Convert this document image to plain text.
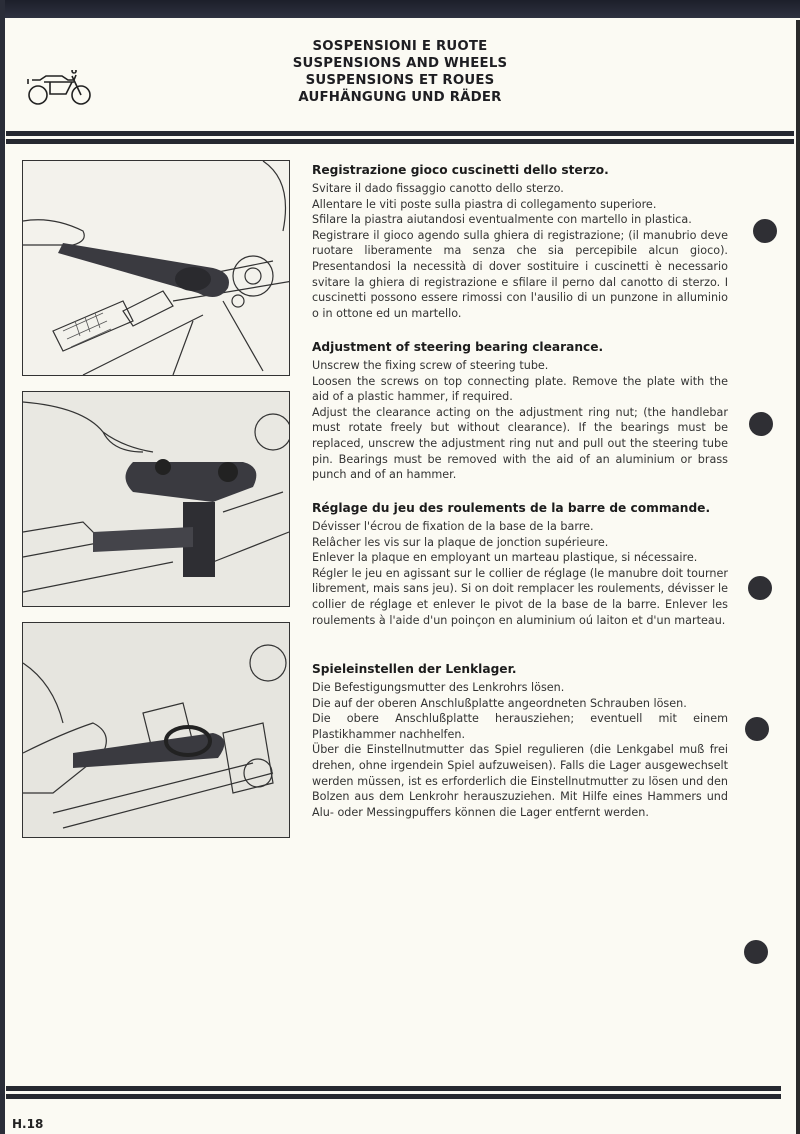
SOSPENSIONI E RUOTE
SUSPENSIONS AND WHEELS
SUSPENSIONS ET ROUES
AUFHÄNGUNG UND RÄDER
Registrazione gioco cuscinetti dello sterzo.

Svitare il dado fissaggio canotto dello sterzo.

Allentare le viti poste sulla piastra di collegamento superiore.

Sfilare la piastra aiutandosi eventualmente con martello in plastica.

Registrare il gioco agendo sulla ghiera di registrazione; (il manubrio deve ruotare liberamente ma senza che sia percepibile alcun gioco). Presentandosi la necessità di dover sostituire i cuscinetti è necessario svitare la ghiera di registrazione e sfilare il perno dal canotto di sterzo. I cuscinetti possono essere rimossi con l'ausilio di un punzone in alluminio o in ottone ed un martello.

Adjustment of steering bearing clearance.

Unscrew the fixing screw of steering tube.

Loosen the screws on top connecting plate. Remove the plate with the aid of a plastic hammer, if required.

Adjust the clearance acting on the adjustment ring nut; (the handlebar must rotate freely but without clearance). If the bearings must be replaced, unscrew the adjustment ring nut and pull out the steering tube pin. Bearings must be removed with the aid of an aluminium or brass punch and of an hammer.

Réglage du jeu des roulements de la barre de commande.

Dévisser l'écrou de fixation de la base de la barre.

Relâcher les vis sur la plaque de jonction supérieure.

Enlever la plaque en employant un marteau plastique, si nécessaire.

Régler le jeu en agissant sur le collier de réglage (le manubre doit tourner librement, mais sans jeu). Si on doit remplacer les roulements, dévisser le collier de réglage et enlever le pivot de la base de la barre. Enlever les roulements à l'aide d'un poinçon en aluminium oú laiton et d'un marteau.

Spieleinstellen der Lenklager.

Die Befestigungsmutter des Lenkrohrs lösen.

Die auf der oberen Anschlußplatte angeordneten Schrauben lösen.

Die obere Anschlußplatte herausziehen; eventuell mit einem Plastikhammer nachhelfen.

Über die Einstellnutmutter das Spiel regulieren (die Lenkgabel muß frei drehen, ohne irgendein Spiel aufzuweisen). Falls die Lager ausgewechselt werden müssen, ist es erforderlich die Einstellnutmutter zu lösen und den Bolzen aus dem Lenkrohr herauszuziehen. Mit Hilfe eines Hammers und Alu- oder Messingpuffers können die Lager entfernt werden.

H.18
